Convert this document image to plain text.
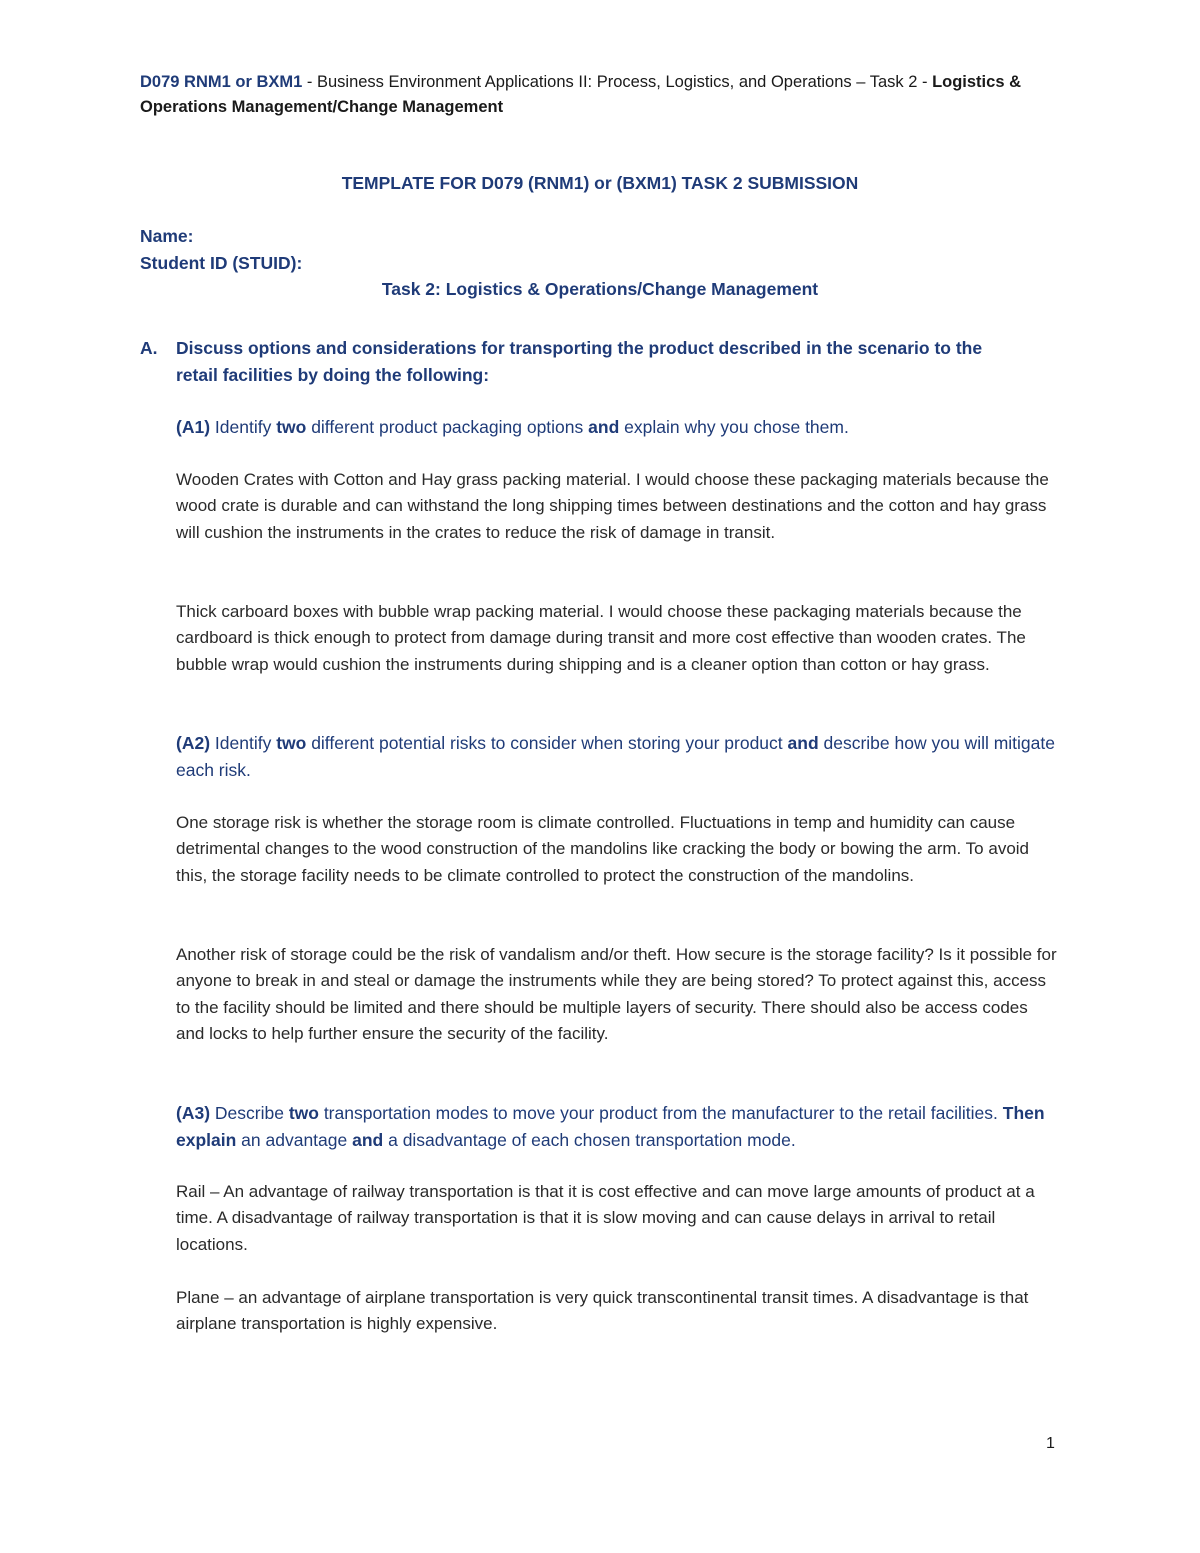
D079 RNM1 or BXM1 - Business Environment Applications II: Process, Logistics, and Operations – Task 2 - Logistics & Operations Management/Change Management
TEMPLATE FOR D079 (RNM1) or (BXM1) TASK 2 SUBMISSION
Name:
Student ID (STUID):
Task 2: Logistics & Operations/Change Management
A. Discuss options and considerations for transporting the product described in the scenario to the
retail facilities by doing the following:
(A1) Identify two different product packaging options and explain why you chose them.
Wooden Crates with Cotton and Hay grass packing material. I would choose these packaging materials because the wood crate is durable and can withstand the long shipping times between destinations and the cotton and hay grass will cushion the instruments in the crates to reduce the risk of damage in transit.
Thick carboard boxes with bubble wrap packing material. I would choose these packaging materials because the cardboard is thick enough to protect from damage during transit and more cost effective than wooden crates. The bubble wrap would cushion the instruments during shipping and is a cleaner option than cotton or hay grass.
(A2) Identify two different potential risks to consider when storing your product and describe how you will mitigate each risk.
One storage risk is whether the storage room is climate controlled. Fluctuations in temp and humidity can cause detrimental changes to the wood construction of the mandolins like cracking the body or bowing the arm. To avoid this, the storage facility needs to be climate controlled to protect the construction of the mandolins.
Another risk of storage could be the risk of vandalism and/or theft. How secure is the storage facility? Is it possible for anyone to break in and steal or damage the instruments while they are being stored? To protect against this, access to the facility should be limited and there should be multiple layers of security. There should also be access codes and locks to help further ensure the security of the facility.
(A3) Describe two transportation modes to move your product from the manufacturer to the retail facilities. Then explain an advantage and a disadvantage of each chosen transportation mode.
Rail – An advantage of railway transportation is that it is cost effective and can move large amounts of product at a time. A disadvantage of railway transportation is that it is slow moving and can cause delays in arrival to retail locations.
Plane – an advantage of airplane transportation is very quick transcontinental transit times. A disadvantage is that airplane transportation is highly expensive.
1
